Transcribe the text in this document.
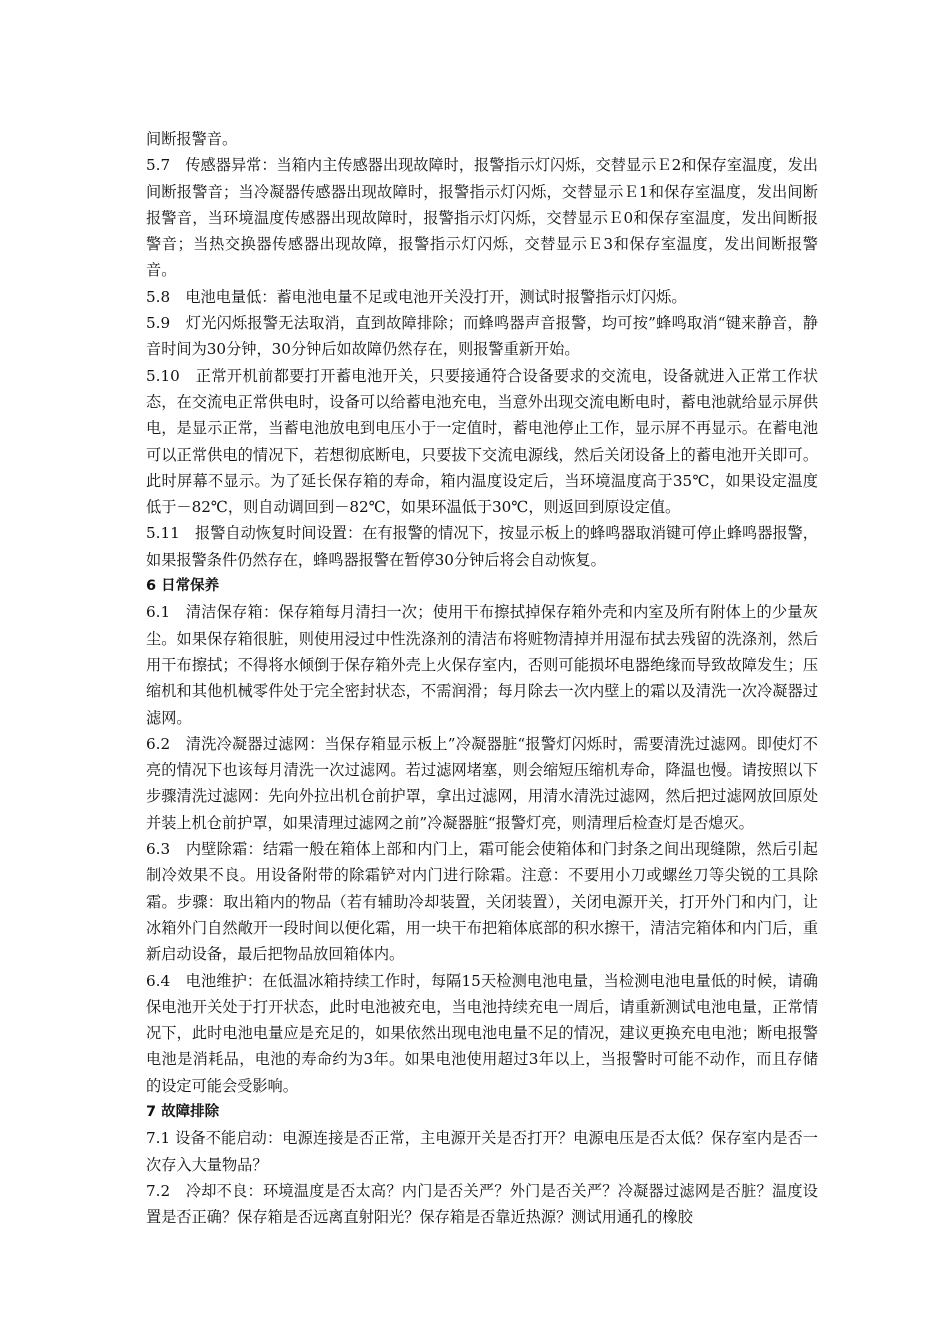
间断报警音。

5.7　传感器异常：当箱内主传感器出现故障时，报警指示灯闪烁，交替显示Ｅ2和保存室温度，发出间断报警音；当冷凝器传感器出现故障时，报警指示灯闪烁，交替显示Ｅ1和保存室温度，发出间断报警音，当环境温度传感器出现故障时，报警指示灯闪烁，交替显示Ｅ0和保存室温度，发出间断报警音；当热交换器传感器出现故障，报警指示灯闪烁，交替显示Ｅ3和保存室温度，发出间断报警音。

5.8　电池电量低：蓄电池电量不足或电池开关没打开，测试时报警指示灯闪烁。

5.9　灯光闪烁报警无法取消，直到故障排除；而蜂鸣器声音报警，均可按”蜂鸣取消“键来静音，静音时间为30分钟，30分钟后如故障仍然存在，则报警重新开始。

5.10　正常开机前都要打开蓄电池开关，只要接通符合设备要求的交流电，设备就进入正常工作状态，在交流电正常供电时，设备可以给蓄电池充电，当意外出现交流电断电时，蓄电池就给显示屏供电，是显示正常，当蓄电池放电到电压小于一定值时，蓄电池停止工作，显示屏不再显示。在蓄电池可以正常供电的情况下，若想彻底断电，只要拔下交流电源线，然后关闭设备上的蓄电池开关即可。此时屏幕不显示。为了延长保存箱的寿命，箱内温度设定后，当环境温度高于35℃，如果设定温度低于－82℃，则自动调回到－82℃，如果环温低于30℃，则返回到原设定值。

5.11　报警自动恢复时间设置：在有报警的情况下，按显示板上的蜂鸣器取消键可停止蜂鸣器报警，如果报警条件仍然存在，蜂鸣器报警在暂停30分钟后将会自动恢复。

6 日常保养

6.1　清洁保存箱：保存箱每月清扫一次；使用干布擦拭掉保存箱外壳和内室及所有附体上的少量灰尘。如果保存箱很脏，则使用浸过中性洗涤剂的清洁布将赃物清掉并用湿布拭去残留的洗涤剂，然后用干布擦拭；不得将水倾倒于保存箱外壳上火保存室内，否则可能损坏电器绝缘而导致故障发生；压缩机和其他机械零件处于完全密封状态，不需润滑；每月除去一次内壁上的霜以及清洗一次冷凝器过滤网。

6.2　清洗冷凝器过滤网：当保存箱显示板上”冷凝器脏“报警灯闪烁时，需要清洗过滤网。即使灯不亮的情况下也该每月清洗一次过滤网。若过滤网堵塞，则会缩短压缩机寿命，降温也慢。请按照以下步骤清洗过滤网：先向外拉出机仓前护罩，拿出过滤网，用清水清洗过滤网，然后把过滤网放回原处并装上机仓前护罩，如果清理过滤网之前”冷凝器脏“报警灯亮，则清理后检查灯是否熄灭。

6.3　内壁除霜：结霜一般在箱体上部和内门上，霜可能会使箱体和门封条之间出现缝隙，然后引起制冷效果不良。用设备附带的除霜铲对内门进行除霜。注意：不要用小刀或螺丝刀等尖锐的工具除霜。步骤：取出箱内的物品（若有辅助冷却装置，关闭装置），关闭电源开关，打开外门和内门，让冰箱外门自然敞开一段时间以便化霜，用一块干布把箱体底部的积水擦干，清洁完箱体和内门后，重新启动设备，最后把物品放回箱体内。

6.4　电池维护：在低温冰箱持续工作时，每隔15天检测电池电量，当检测电池电量低的时候，请确保电池开关处于打开状态，此时电池被充电，当电池持续充电一周后，请重新测试电池电量，正常情况下，此时电池电量应是充足的，如果依然出现电池电量不足的情况，建议更换充电电池；断电报警电池是消耗品，电池的寿命约为3年。如果电池使用超过3年以上，当报警时可能不动作，而且存储的设定可能会受影响。

7 故障排除

7.1 设备不能启动：电源连接是否正常，主电源开关是否打开？电源电压是否太低？保存室内是否一次存入大量物品？

7.2　冷却不良：环境温度是否太高？内门是否关严？外门是否关严？冷凝器过滤网是否脏？温度设置是否正确？保存箱是否远离直射阳光？保存箱是否靠近热源？测试用通孔的橡胶
